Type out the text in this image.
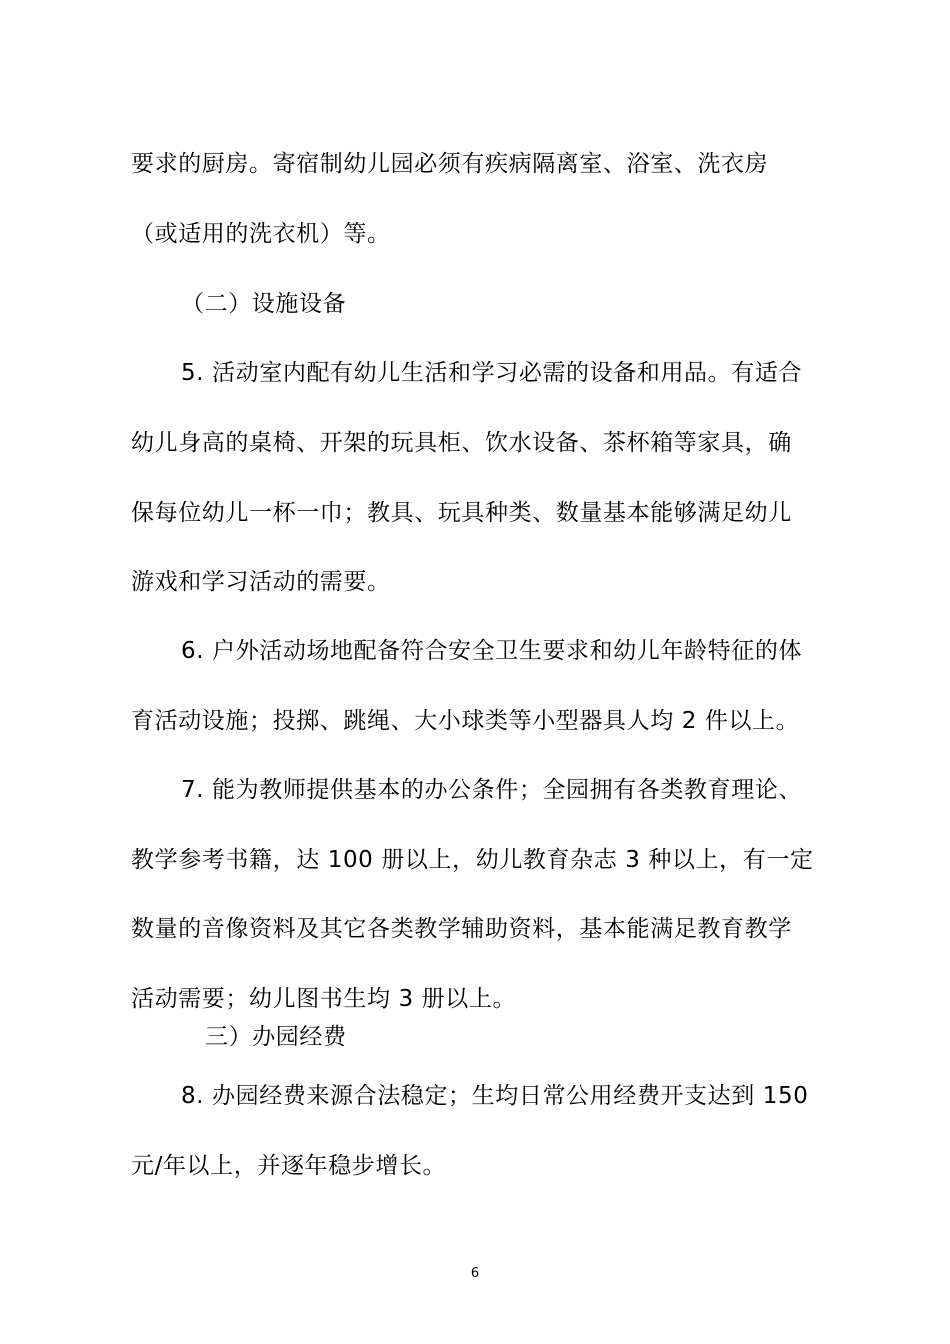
要求的厨房。寄宿制幼儿园必须有疾病隔离室、浴室、洗衣房
（或适用的洗衣机）等。
（二）设施设备
5. 活动室内配有幼儿生活和学习必需的设备和用品。有适合
幼儿身高的桌椅、开架的玩具柜、饮水设备、茶杯箱等家具，确
保每位幼儿一杯一巾；教具、玩具种类、数量基本能够满足幼儿
游戏和学习活动的需要。
6. 户外活动场地配备符合安全卫生要求和幼儿年龄特征的体
育活动设施；投掷、跳绳、大小球类等小型器具人均 2 件以上。
7. 能为教师提供基本的办公条件；全园拥有各类教育理论、
教学参考书籍，达 100 册以上，幼儿教育杂志 3 种以上，有一定
数量的音像资料及其它各类教学辅助资料，基本能满足教育教学
活动需要；幼儿图书生均 3 册以上。
三）办园经费
8. 办园经费来源合法稳定；生均日常公用经费开支达到 150
元/年以上，并逐年稳步增长。
6
